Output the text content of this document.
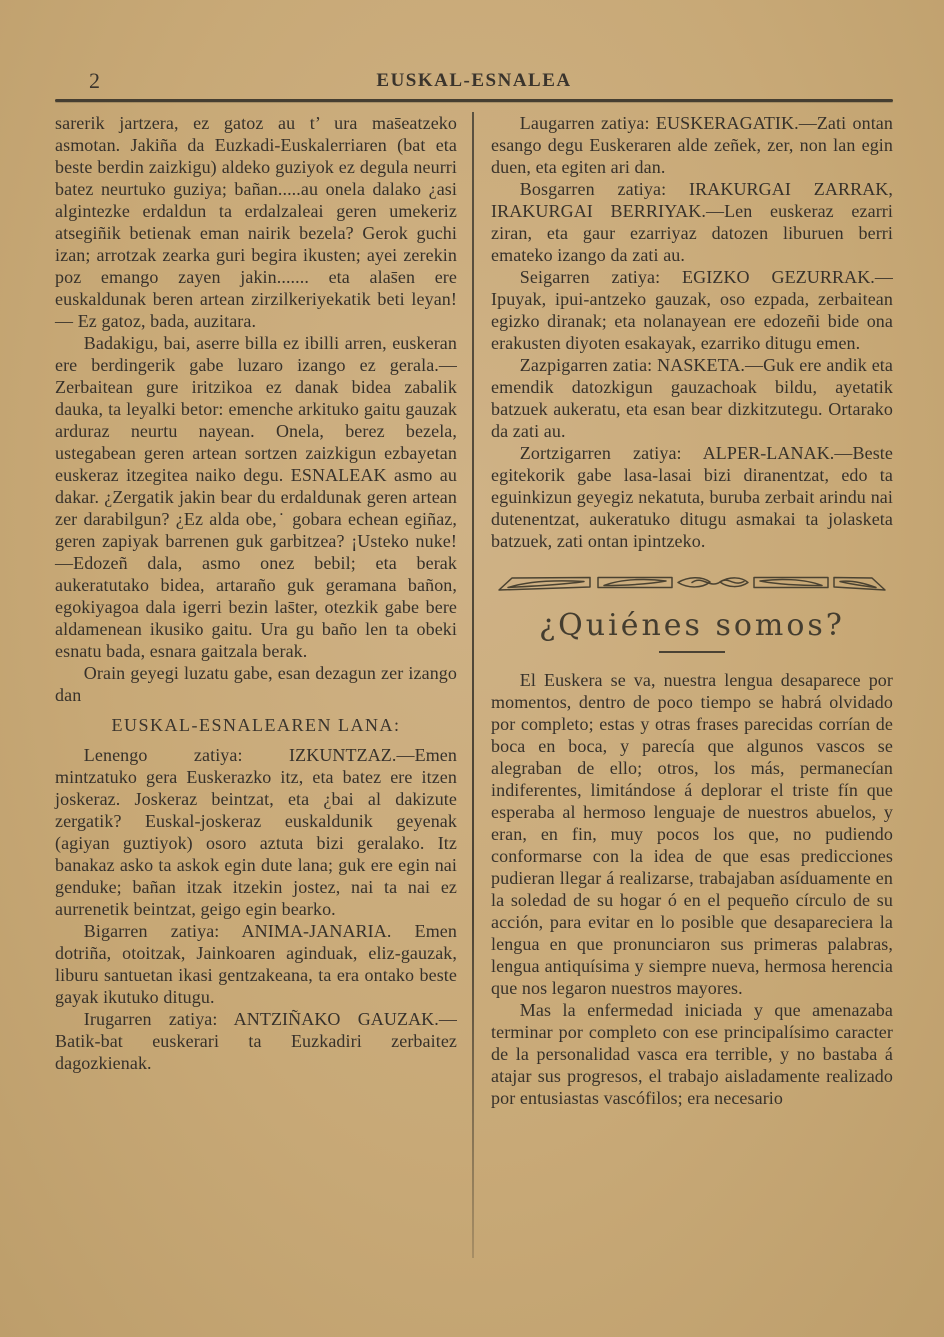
2	EUSKAL-ESNALEA

sarerik jartzera, ez gatoz au t’ ura mas̄eatzeko asmotan. Jakiña da Euzkadi-Euskalerriaren (bat eta beste berdin zaizkigu) aldeko guziyok ez degula neurri batez neurtuko guziya; bañan.....au onela dalako ¿asi algintezke erdaldun ta erdalzaleai geren umekeriz atsegiñik betienak eman nairik bezela? Gerok guchi izan; arrotzak zearka guri begira ikusten; ayei zerekin poz emango zayen jakin....... eta alas̄en ere euskaldunak beren artean zirzilkeriyekatik beti leyan!— Ez gatoz, bada, auzitara.

Badakigu, bai, aserre billa ez ibilli arren, euskeran ere berdingerik gabe luzaro izango ez gerala.—Zerbaitean gure iritzikoa ez danak bidea zabalik dauka, ta leyalki betor: emenche arkituko gaitu gauzak arduraz neurtu nayean. Onela, berez bezela, ustegabean geren artean sortzen zaizkigun ezbayetan euskeraz itzegitea naiko degu. ESNALEAK asmo au dakar. ¿Zergatik jakin bear du erdaldunak geren artean zer darabilgun? ¿Ez alda obe,˙ gobara echean egiñaz, geren zapiyak barrenen guk garbitzea? ¡Usteko nuke!—Edozeñ dala, asmo onez bebil; eta berak aukeratutako bidea, artaraño guk geramana bañon, egokiyagoa dala igerri bezin las̄ter, otezkik gabe bere aldamenean ikusiko gaitu. Ura gu baño len ta obeki esnatu bada, esnara gaitzala berak.

Orain geyegi luzatu gabe, esan dezagun zer izango dan

EUSKAL-ESNALEAREN LANA:

Lenengo zatiya: IZKUNTZAZ.—Emen mintzatuko gera Euskerazko itz, eta batez ere itzen joskeraz. Joskeraz beintzat, eta ¿bai al dakizute zergatik? Euskal-joskeraz euskaldunik geyenak (agiyan guztiyok) osoro aztuta bizi geralako. Itz banakaz asko ta askok egin dute lana; guk ere egin nai genduke; bañan itzak itzekin jostez, nai ta nai ez aurrenetik beintzat, geigo egin bearko.

Bigarren zatiya: ANIMA-JANARIA. Emen dotriña, otoitzak, Jainkoaren aginduak, eliz-gauzak, liburu santuetan ikasi gentzakeana, ta era ontako beste gayak ikutuko ditugu.

Irugarren zatiya: ANTZIÑAKO GAUZAK.— Batik-bat euskerari ta Euzkadiri zerbaitez dagozkienak.

Laugarren zatiya: EUSKERAGATIK.—Zati ontan esango degu Euskeraren alde zeñek, zer, non lan egin duen, eta egiten ari dan.

Bosgarren zatiya: IRAKURGAI ZARRAK, IRAKURGAI BERRIYAK.—Len euskeraz ezarri ziran, eta gaur ezarriyaz datozen liburuen berri emateko izango da zati au.

Seigarren zatiya: EGIZKO GEZURRAK.— Ipuyak, ipui-antzeko gauzak, oso ezpada, zerbaitean egizko diranak; eta nolanayean ere edozeñi bide ona erakusten diyoten esakayak, ezarriko ditugu emen.

Zazpigarren zatia: NASKETA.—Guk ere andik eta emendik datozkigun gauzachoak bildu, ayetatik batzuek aukeratu, eta esan bear dizkitzutegu. Ortarako da zati au.

Zortzigarren zatiya: ALPER-LANAK.—Beste egitekorik gabe lasa-lasai bizi diranentzat, edo ta eguinkizun geyegiz nekatuta, buruba zerbait arindu nai dutenentzat, aukeratuko ditugu asmakai ta jolasketa batzuek, zati ontan ipintzeko.

¿Quiénes somos?

El Euskera se va, nuestra lengua desaparece por momentos, dentro de poco tiempo se habrá olvidado por completo; estas y otras frases parecidas corrían de boca en boca, y parecía que algunos vascos se alegraban de ello; otros, los más, permanecían indiferentes, limitándose á deplorar el triste fín que esperaba al hermoso lenguaje de nuestros abuelos, y eran, en fin, muy pocos los que, no pudiendo conformarse con la idea de que esas predicciones pudieran llegar á realizarse, trabajaban asíduamente en la soledad de su hogar ó en el pequeño círculo de su acción, para evitar en lo posible que desapareciera la lengua en que pronunciaron sus primeras palabras, lengua antiquísima y siempre nueva, hermosa herencia que nos legaron nuestros mayores.

Mas la enfermedad iniciada y que amenazaba terminar por completo con ese principalísimo caracter de la personalidad vasca era terrible, y no bastaba á atajar sus progresos, el trabajo aisladamente realizado por entusiastas vascófilos; era necesario
